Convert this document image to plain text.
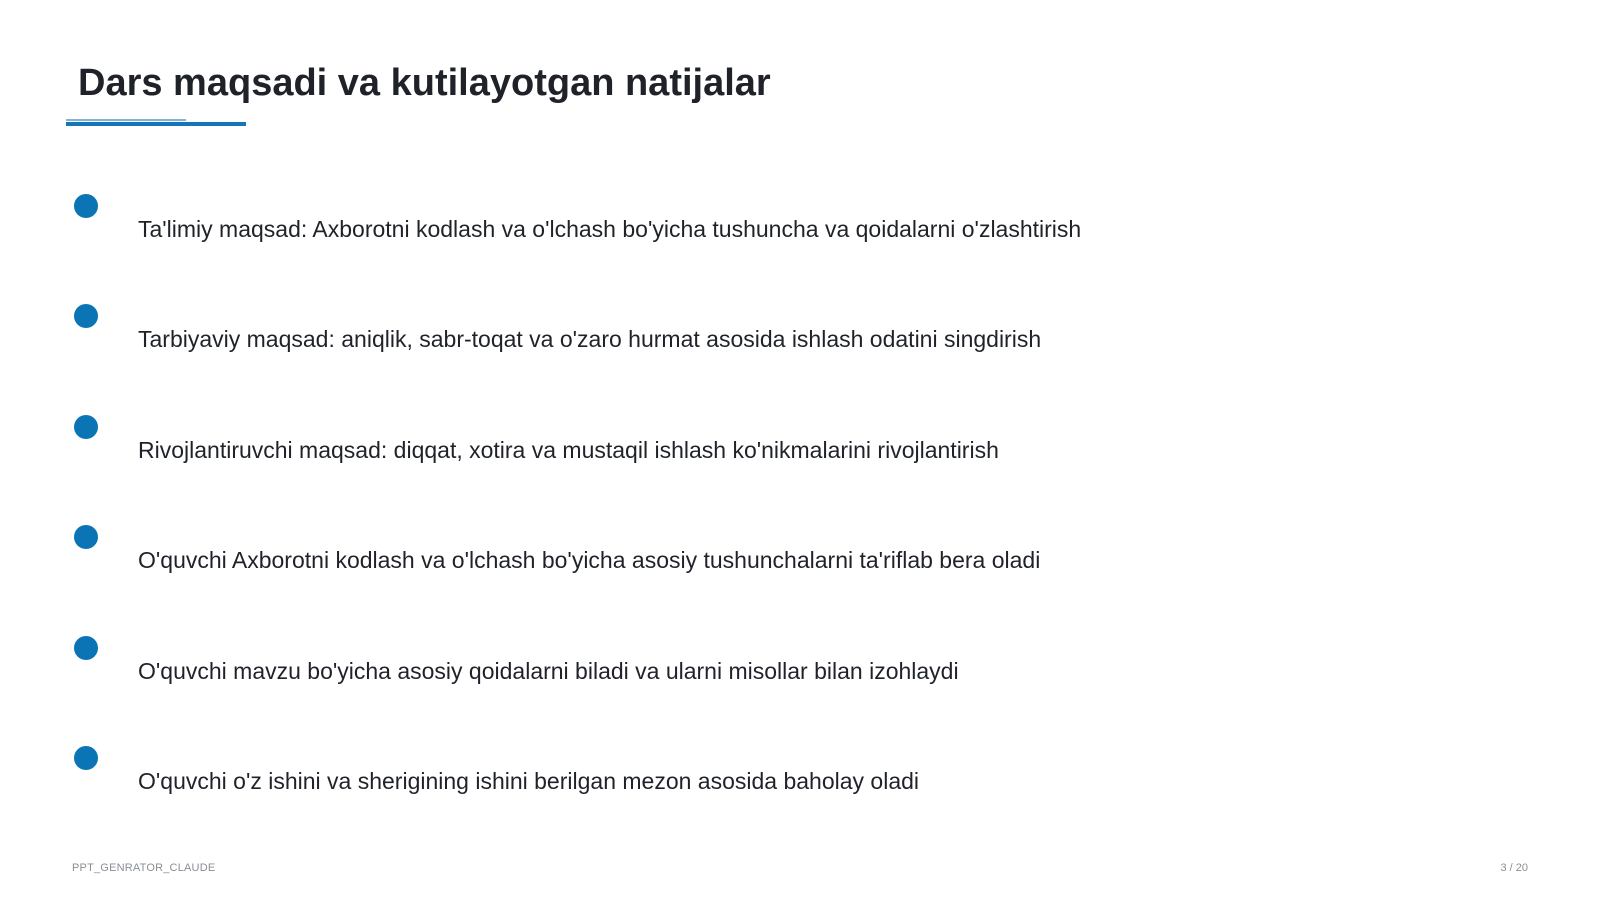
Dars maqsadi va kutilayotgan natijalar
Ta'limiy maqsad: Axborotni kodlash va o'lchash bo'yicha tushuncha va qoidalarni o'zlashtirish
Tarbiyaviy maqsad: aniqlik, sabr-toqat va o'zaro hurmat asosida ishlash odatini singdirish
Rivojlantiruvchi maqsad: diqqat, xotira va mustaqil ishlash ko'nikmalarini rivojlantirish
O'quvchi Axborotni kodlash va o'lchash bo'yicha asosiy tushunchalarni ta'riflab bera oladi
O'quvchi mavzu bo'yicha asosiy qoidalarni biladi va ularni misollar bilan izohlaydi
O'quvchi o'z ishini va sherigining ishini berilgan mezon asosida baholay oladi
PPT_GENRATOR_CLAUDE	3 / 20
